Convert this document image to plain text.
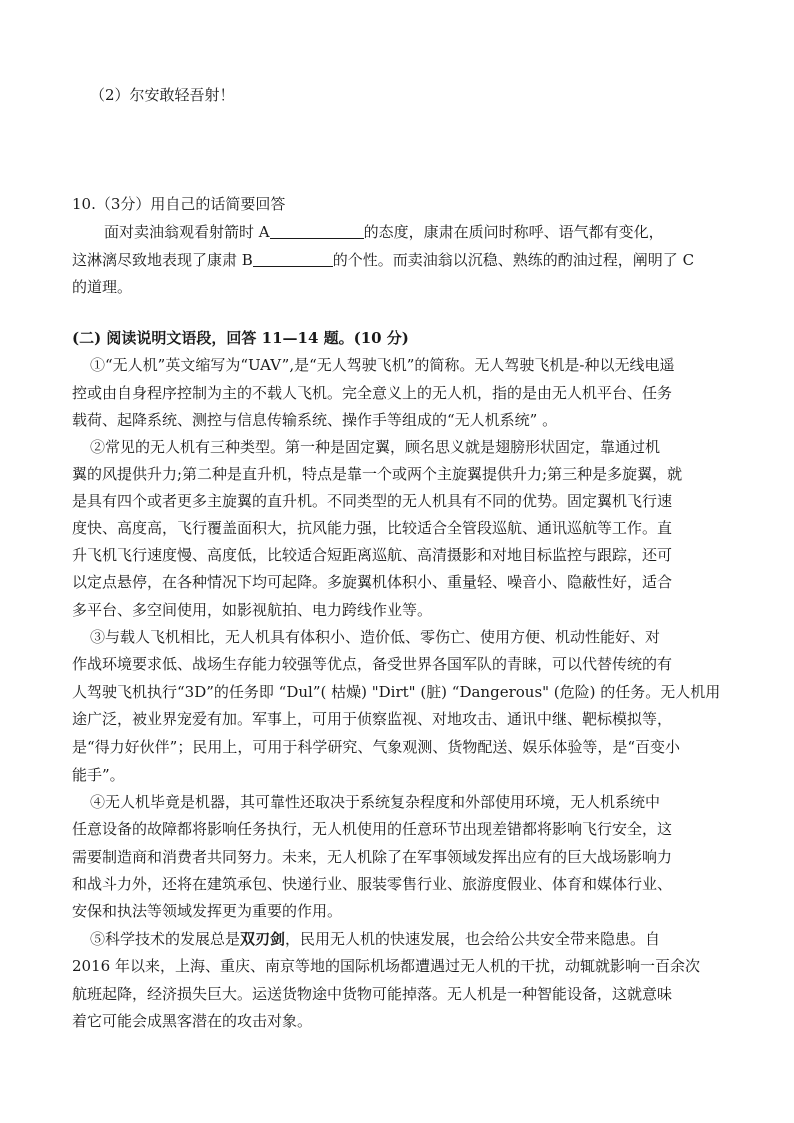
（2）尔安敢轻吾射！
10.（3分）用自己的话简要回答
面对卖油翁观看射箭时 A	的态度，康肃在质问时称呼、语气都有变化，
这淋漓尽致地表现了康肃 B	的个性。而卖油翁以沉稳、熟练的酌油过程，阐明了 C
的道理。
(二) 阅读说明文语段，回答 11—14 题。(10 分)
①“无人机”英文缩写为“UAV”,是“无人驾驶飞机”的简称。无人驾驶飞机是-种以无线电遥
控或由自身程序控制为主的不载人飞机。完全意义上的无人机，指的是由无人机平台、任务
载荷、起降系统、测控与信息传输系统、操作手等组成的“无人机系统” 。
②常见的无人机有三种类型。第一种是固定翼，顾名思义就是翅膀形状固定，靠通过机
翼的风提供升力;第二种是直升机，特点是靠一个或两个主旋翼提供升力;第三种是多旋翼，就
是具有四个或者更多主旋翼的直升机。不同类型的无人机具有不同的优势。固定翼机飞行速
度快、高度高，飞行覆盖面积大，抗风能力强，比较适合全管段巡航、通讯巡航等工作。直
升飞机飞行速度慢、高度低，比较适合短距离巡航、高清摄影和对地目标监控与跟踪，还可
以定点悬停，在各种情况下均可起降。多旋翼机体积小、重量轻、噪音小、隐蔽性好，适合
多平台、多空间使用，如影视航拍、电力跨线作业等。
③与载人飞机相比，无人机具有体积小、造价低、零伤亡、使用方便、机动性能好、对
作战环境要求低、战场生存能力较强等优点，备受世界各国军队的青睐，可以代替传统的有
人驾驶飞机执行“3D”的任务即 “Dul”( 枯燥) "Dirt" (脏) “Dangerous" (危险) 的任务。无人机用
途广泛，被业界宠爱有加。军事上，可用于侦察监视、对地攻击、通讯中继、靶标模拟等，
是“得力好伙伴”；民用上，可用于科学研究、气象观测、货物配送、娱乐体验等，是“百变小
能手”。
④无人机毕竟是机器，其可靠性还取决于系统复杂程度和外部使用环境，无人机系统中
任意设备的故障都将影响任务执行，无人机使用的任意环节出现差错都将影响飞行安全，这
需要制造商和消费者共同努力。未来，无人机除了在军事领域发挥出应有的巨大战场影响力
和战斗力外，还将在建筑承包、快递行业、服装零售行业、旅游度假业、体育和媒体行业、
安保和执法等领域发挥更为重要的作用。
⑤科学技术的发展总是双刃剑，民用无人机的快速发展，也会给公共安全带来隐患。自
2016 年以来，上海、重庆、南京等地的国际机场都遭遇过无人机的干扰，动辄就影响一百余次
航班起降，经济损失巨大。运送货物途中货物可能掉落。无人机是一种智能设备，这就意味
着它可能会成黑客潜在的攻击对象。
